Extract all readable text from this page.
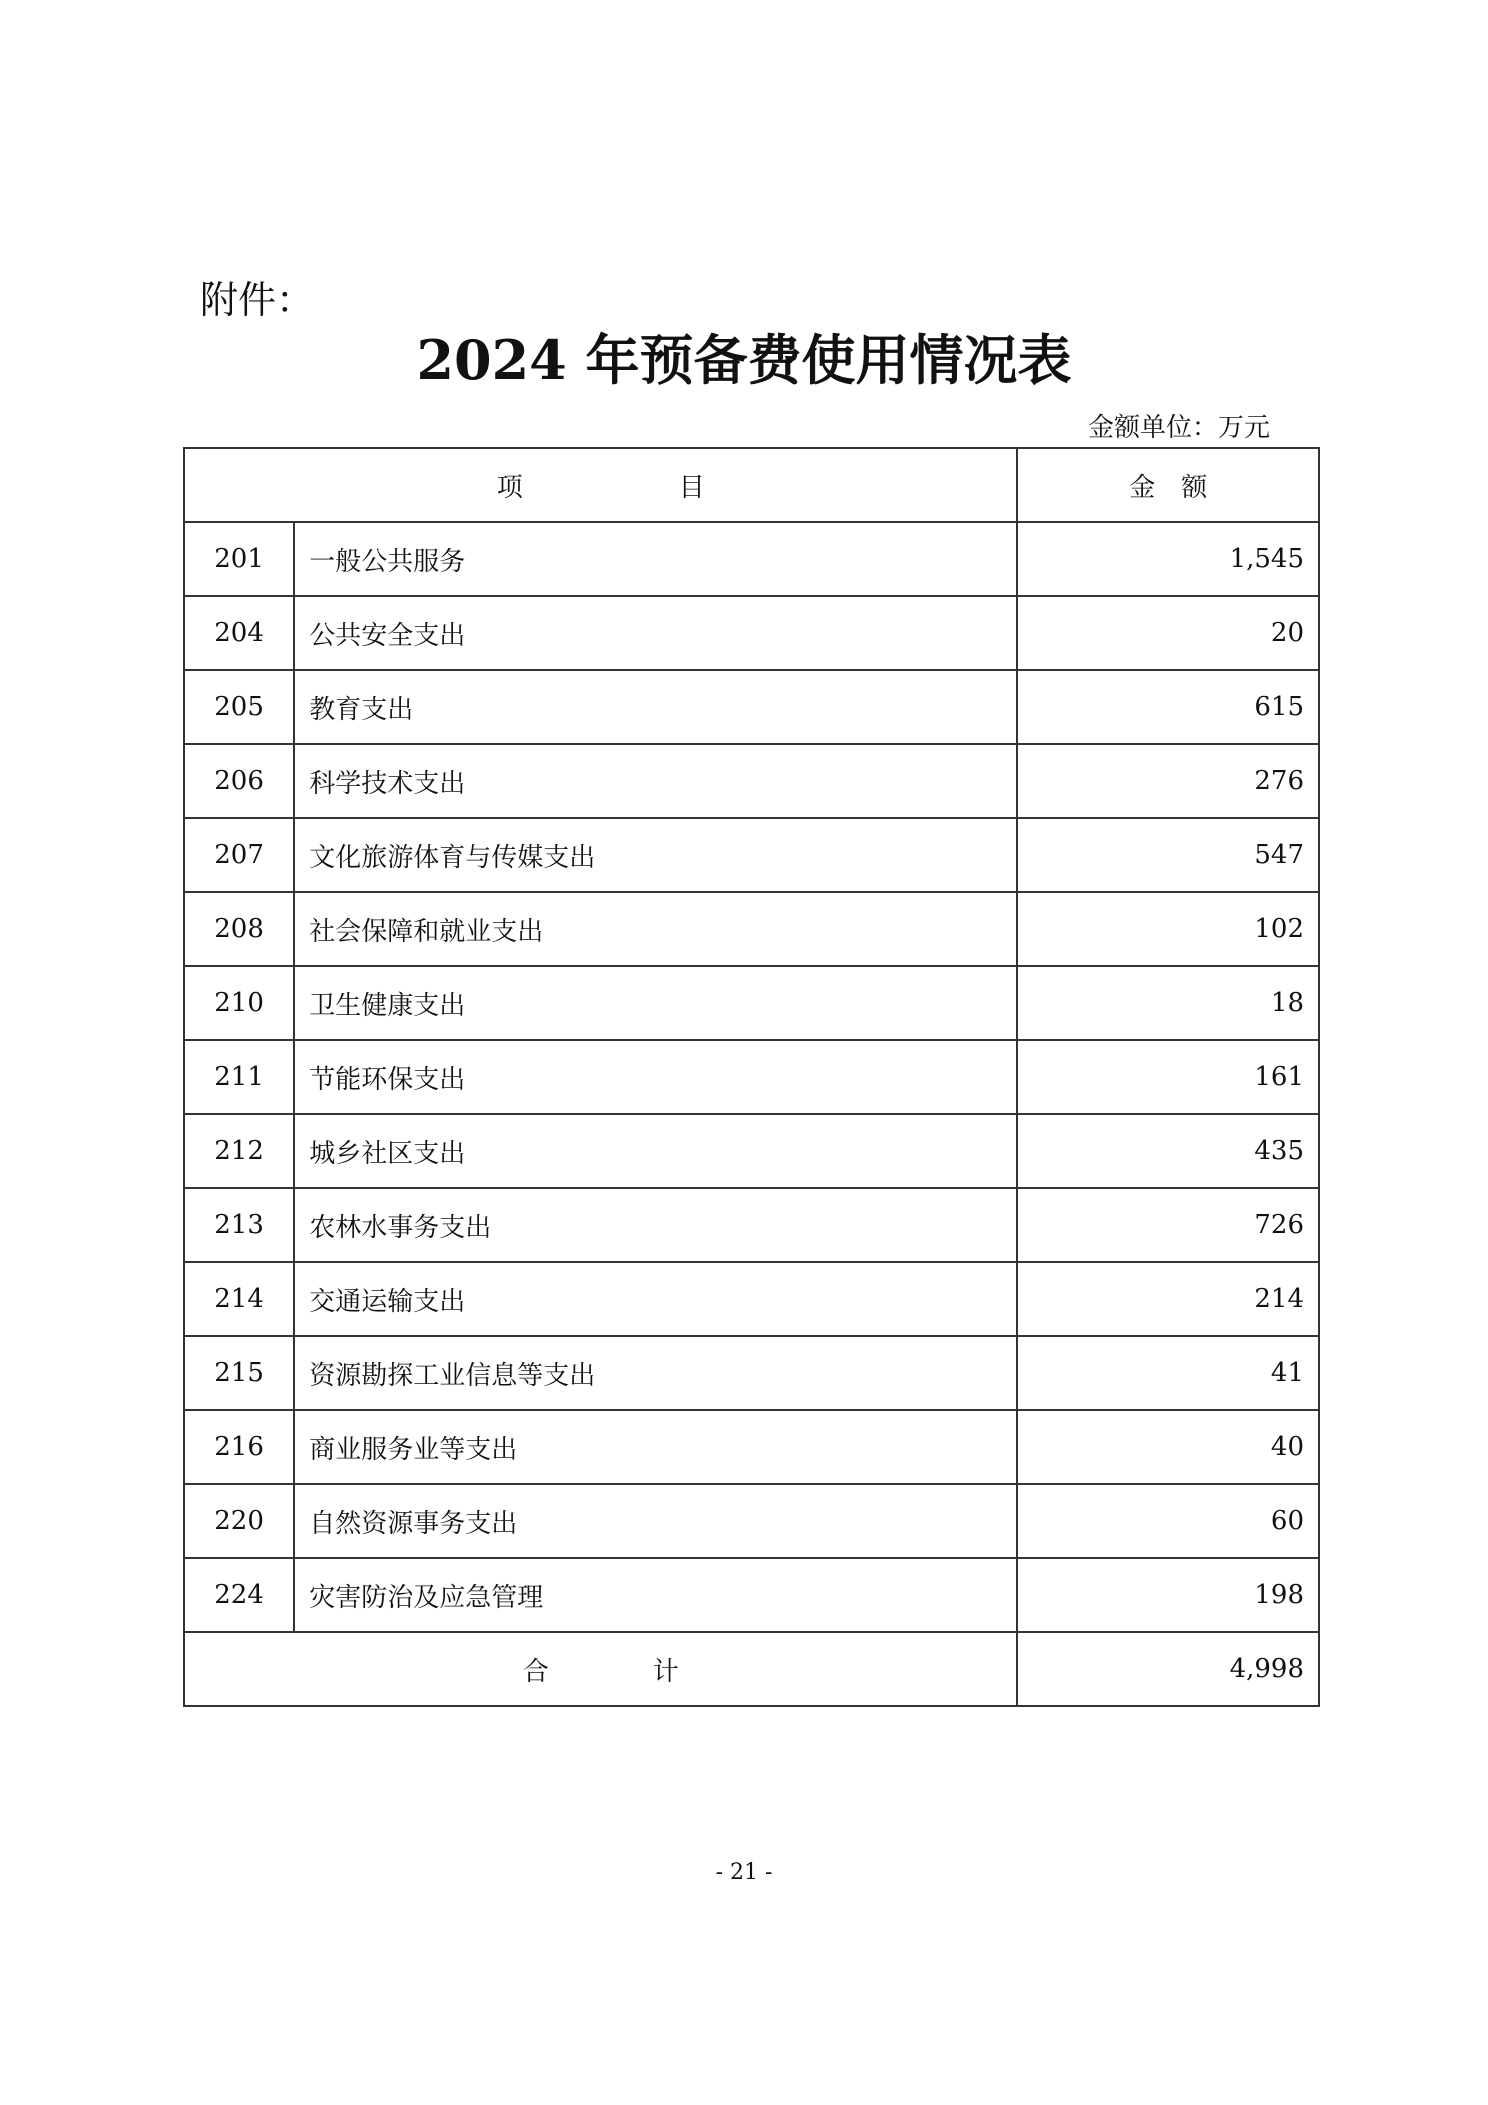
附件：
2024 年预备费使用情况表
金额单位：万元
项　　　　　　目		金　额
201	一般公共服务	1,545
204	公共安全支出	20
205	教育支出	615
206	科学技术支出	276
207	文化旅游体育与传媒支出	547
208	社会保障和就业支出	102
210	卫生健康支出	18
211	节能环保支出	161
212	城乡社区支出	435
213	农林水事务支出	726
214	交通运输支出	214
215	资源勘探工业信息等支出	41
216	商业服务业等支出	40
220	自然资源事务支出	60
224	灾害防治及应急管理	198
合　　　　计		4,998
- 21 -
